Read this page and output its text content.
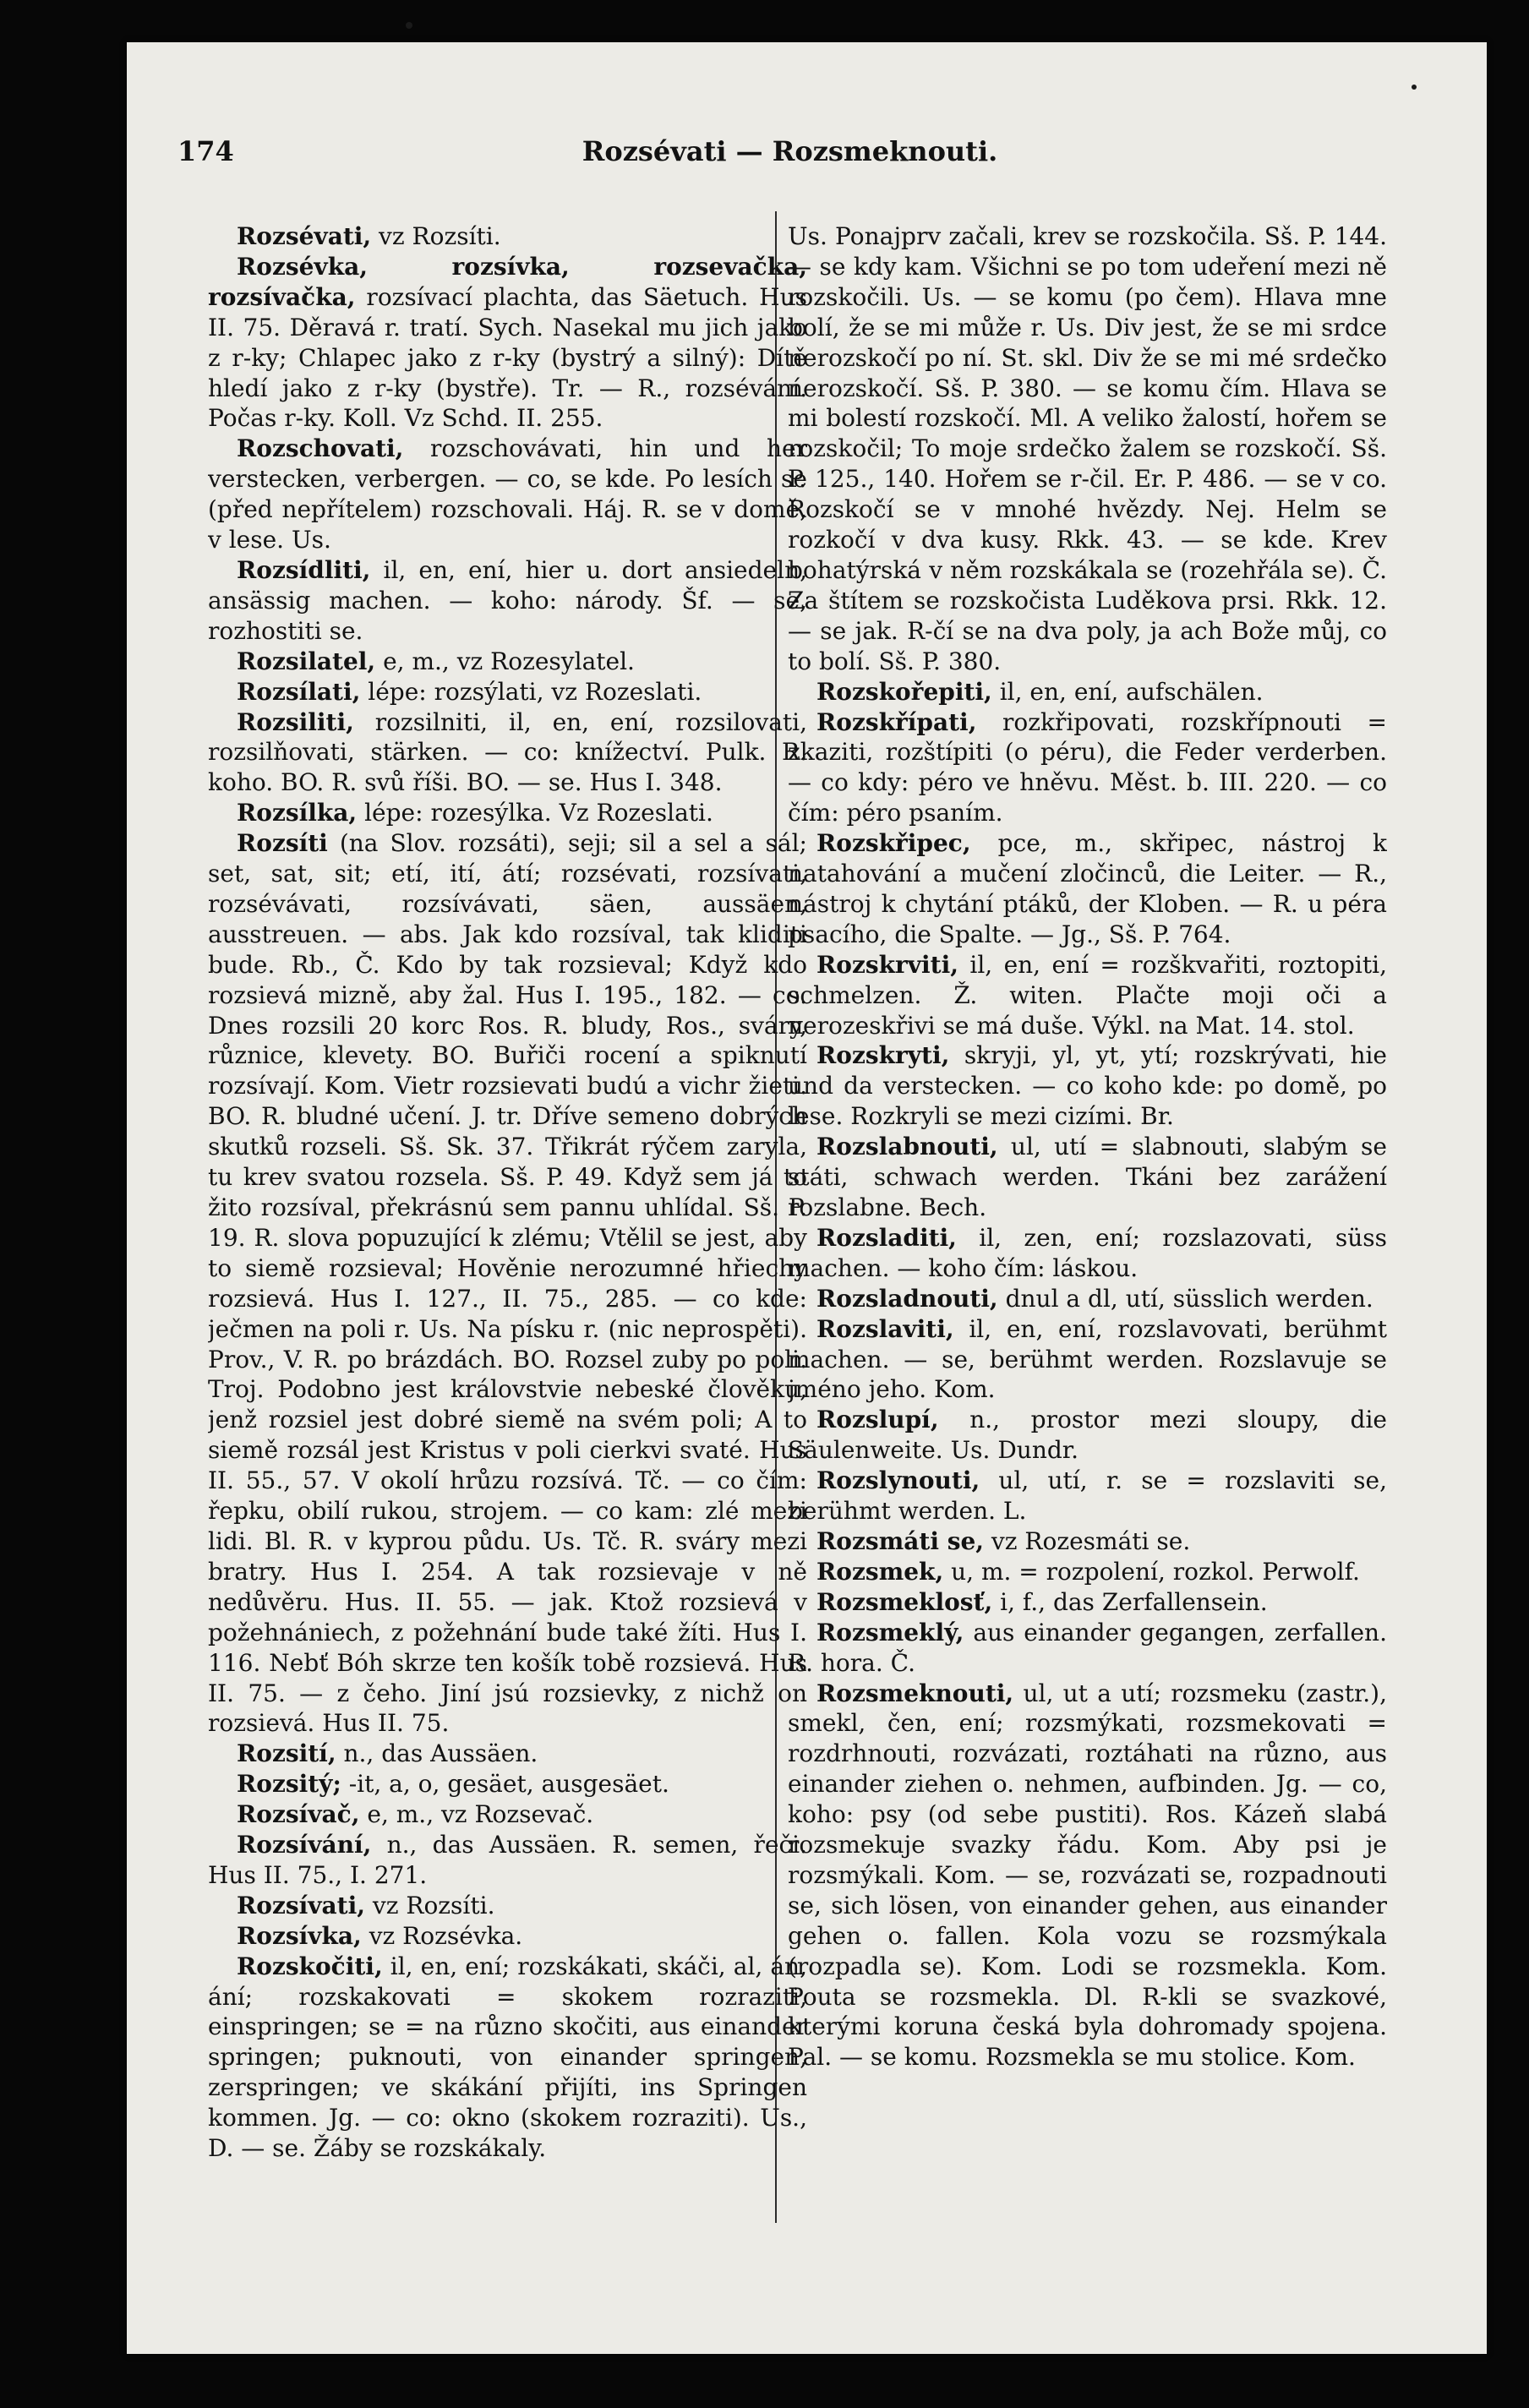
174	Rozsévati — Rozsmeknouti.

Rozsévati, vz Rozsíti.

Rozsévka, rozsívka, rozsevačka, rozsívačka, rozsívací plachta, das Säetuch. Hus II. 75. Děravá r. tratí. Sych. Nasekal mu jich jako z r-ky; Chlapec jako z r-ky (bystrý a silný): Dítě hledí jako z r-ky (bystře). Tr. — R., rozsévání. Počas r-ky. Koll. Vz Schd. II. 255.

Rozschovati, rozschovávati, hin und her verstecken, verbergen. — co, se kde. Po lesích se (před nepřítelem) rozschovali. Háj. R. se v domě, v lese. Us.

Rozsídliti, il, en, ení, hier u. dort ansiedeln, ansässig machen. — koho: národy. Šf. — se, rozhostiti se.

Rozsilatel, e, m., vz Rozesylatel.

Rozsílati, lépe: rozsýlati, vz Rozeslati.

Rozsiliti, rozsilniti, il, en, ení, rozsilovati, rozsilňovati, stärken. — co: knížectví. Pulk. R. koho. BO. R. svů říši. BO. — se. Hus I. 348.

Rozsílka, lépe: rozesýlka. Vz Rozeslati.

Rozsíti (na Slov. rozsáti), seji; sil a sel a sál; set, sat, sit; etí, ití, átí; rozsévati, rozsívati, rozsévávati, rozsívávati, säen, aussäen, ausstreuen. — abs. Jak kdo rozsíval, tak kliditi bude. Rb., Č. Kdo by tak rozsieval; Když kdo rozsievá mizně, aby žal. Hus I. 195., 182. — co. Dnes rozsili 20 korc Ros. R. bludy, Ros., sváry, různice, klevety. BO. Buřiči rocení a spiknutí rozsívají. Kom. Vietr rozsievati budú a vichr žieti. BO. R. bludné učení. J. tr. Dříve semeno dobrých skutků rozseli. Sš. Sk. 37. Třikrát rýčem zaryla, tu krev svatou rozsela. Sš. P. 49. Když sem já to žito rozsíval, překrásnú sem pannu uhlídal. Sš. P. 19. R. slova popuzující k zlému; Vtělil se jest, aby to siemě rozsieval; Hověnie nerozumné hřiechy rozsievá. Hus I. 127., II. 75., 285. — co kde: ječmen na poli r. Us. Na písku r. (nic neprospěti). Prov., V. R. po brázdách. BO. Rozsel zuby po poli. Troj. Podobno jest královstvie nebeské člověku, jenž rozsiel jest dobré siemě na svém poli; A to siemě rozsál jest Kristus v poli cierkvi svaté. Hus II. 55., 57. V okolí hrůzu rozsívá. Tč. — co čím: řepku, obilí rukou, strojem. — co kam: zlé mezi lidi. Bl. R. v kyprou půdu. Us. Tč. R. sváry mezi bratry. Hus I. 254. A tak rozsievaje v ně nedůvěru. Hus. II. 55. — jak. Ktož rozsievá v požehnániech, z požehnání bude také žíti. Hus I. 116. Nebť Bóh skrze ten košík tobě rozsievá. Hus II. 75. — z čeho. Jiní jsú rozsievky, z nichž on rozsievá. Hus II. 75.

Rozsití, n., das Aussäen.

Rozsitý; -it, a, o, gesäet, ausgesäet.

Rozsívač, e, m., vz Rozsevač.

Rozsívání, n., das Aussäen. R. semen, řeči. Hus II. 75., I. 271.

Rozsívati, vz Rozsíti.

Rozsívka, vz Rozsévka.

Rozskočiti, il, en, ení; rozskákati, skáči, al, án, ání; rozskakovati = skokem rozraziti, einspringen; se = na různo skočiti, aus einander springen; puknouti, von einander springen, zerspringen; ve skákání přijíti, ins Springen kommen. Jg. — co: okno (skokem rozraziti). Us., D. — se. Žáby se rozskákaly.

Us. Ponajprv začali, krev se rozskočila. Sš. P. 144. — se kdy kam. Všichni se po tom udeření mezi ně rozskočili. Us. — se komu (po čem). Hlava mne bolí, že se mi může r. Us. Div jest, že se mi srdce nerozskočí po ní. St. skl. Div že se mi mé srdečko nerozskočí. Sš. P. 380. — se komu čím. Hlava se mi bolestí rozskočí. Ml. A veliko žalostí, hořem se rozskočil; To moje srdečko žalem se rozskočí. Sš. P. 125., 140. Hořem se r-čil. Er. P. 486. — se v co. Rozskočí se v mnohé hvězdy. Nej. Helm se rozkočí v dva kusy. Rkk. 43. — se kde. Krev bohatýrská v něm rozskákala se (rozehřála se). Č. Za štítem se rozskočista Luděkova prsi. Rkk. 12. — se jak. R-čí se na dva poly, ja ach Bože můj, co to bolí. Sš. P. 380.

Rozskořepiti, il, en, ení, aufschälen.

Rozskřípati, rozkřipovati, rozskřípnouti = zkaziti, rozštípiti (o péru), die Feder verderben. — co kdy: péro ve hněvu. Měst. b. III. 220. — co čím: péro psaním.

Rozskřipec, pce, m., skřipec, nástroj k natahování a mučení zločinců, die Leiter. — R., nástroj k chytání ptáků, der Kloben. — R. u péra psacího, die Spalte. — Jg., Sš. P. 764.

Rozskrviti, il, en, ení = rozškvařiti, roztopiti, schmelzen. Ž. witen. Plačte moji oči a nerozeskřivi se má duše. Výkl. na Mat. 14. stol.

Rozskryti, skryji, yl, yt, ytí; rozskrývati, hie und da verstecken. — co koho kde: po domě, po lese. Rozkryli se mezi cizími. Br.

Rozslabnouti, ul, utí = slabnouti, slabým se státi, schwach werden. Tkáni bez zarážení rozslabne. Bech.

Rozsladiti, il, zen, ení; rozslazovati, süss machen. — koho čím: láskou.

Rozsladnouti, dnul a dl, utí, süsslich werden.

Rozslaviti, il, en, ení, rozslavovati, berühmt machen. — se, berühmt werden. Rozslavuje se jméno jeho. Kom.

Rozslupí, n., prostor mezi sloupy, die Säulenweite. Us. Dundr.

Rozslynouti, ul, utí, r. se = rozslaviti se, berühmt werden. L.

Rozsmáti se, vz Rozesmáti se.

Rozsmek, u, m. = rozpolení, rozkol. Perwolf.

Rozsmeklosť, i, f., das Zerfallensein.

Rozsmeklý, aus einander gegangen, zerfallen. R. hora. Č.

Rozsmeknouti, ul, ut a utí; rozsmeku (zastr.), smekl, čen, ení; rozsmýkati, rozsmekovati = rozdrhnouti, rozvázati, roztáhati na různo, aus einander ziehen o. nehmen, aufbinden. Jg. — co, koho: psy (od sebe pustiti). Ros. Kázeň slabá rozsmekuje svazky řádu. Kom. Aby psi je rozsmýkali. Kom. — se, rozvázati se, rozpadnouti se, sich lösen, von einander gehen, aus einander gehen o. fallen. Kola vozu se rozsmýkala (rozpadla se). Kom. Lodi se rozsmekla. Kom. Pouta se rozsmekla. Dl. R-kli se svazkové, kterými koruna česká byla dohromady spojena. Pal. — se komu. Rozsmekla se mu stolice. Kom.
